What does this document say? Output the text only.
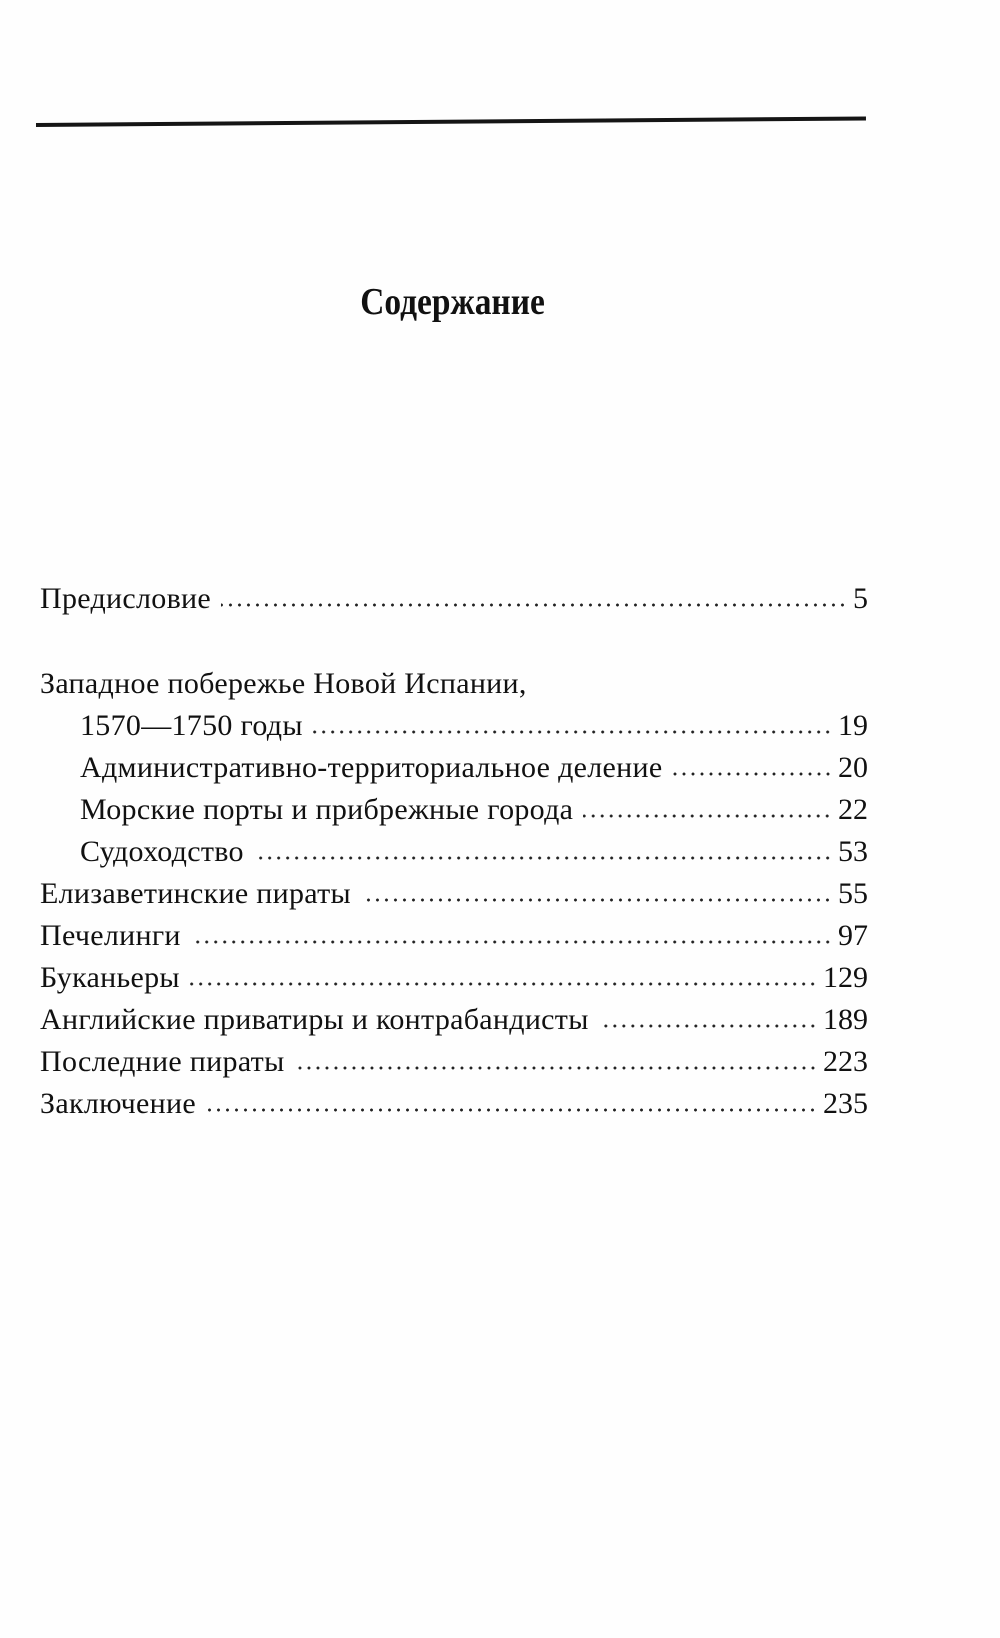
Содержание
Предисловие	5
Западное побережье Новой Испании,
1570—1750 годы	19
Административно-территориальное деление	20
Морские порты и прибрежные города	22
Судоходство	53
Елизаветинские пираты	55
Печелинги	97
Буканьеры	129
Английские приватиры и контрабандисты	189
Последние пираты	223
Заключение	235
